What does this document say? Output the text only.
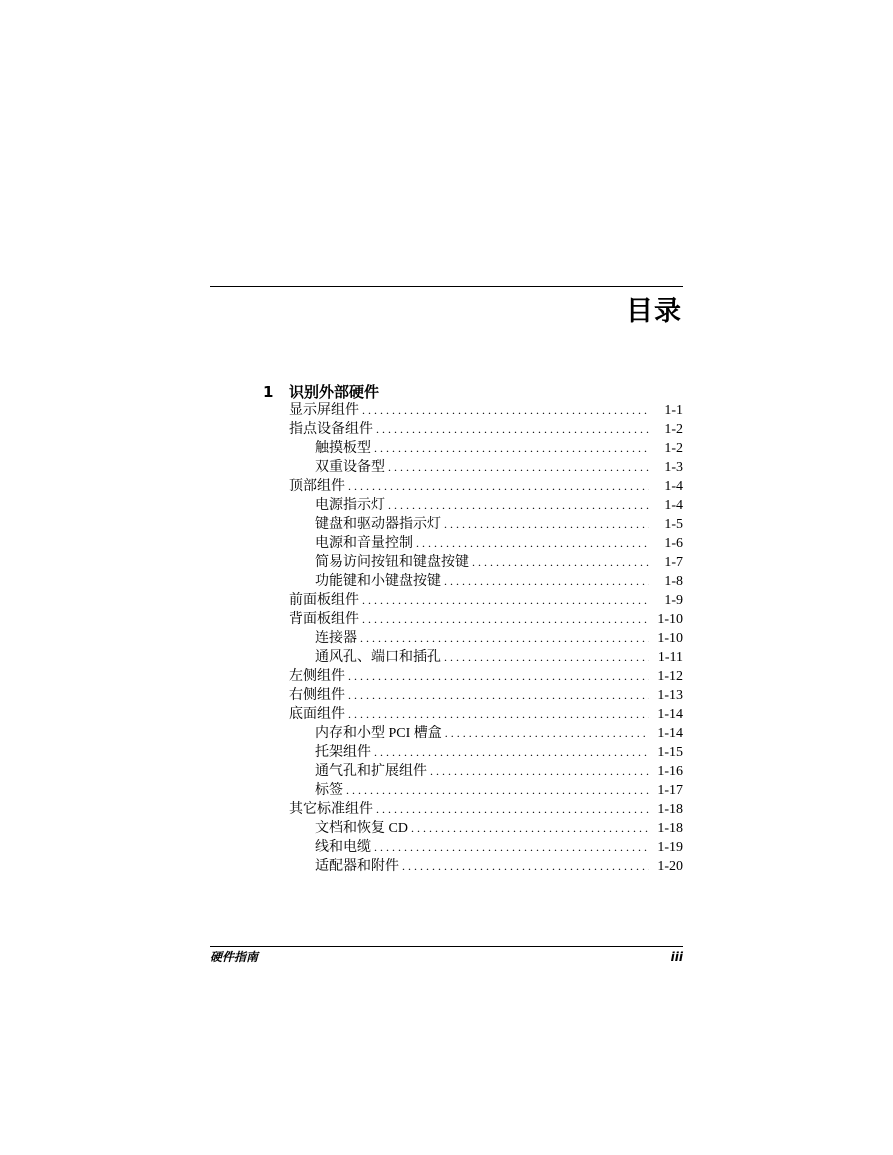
目录
1 识别外部硬件
显示屏组件 . . .	1-1
指点设备组件 . . .	1-2
触摸板型 . . .	1-2
双重设备型 . . .	1-3
顶部组件 . . .	1-4
电源指示灯 . . .	1-4
键盘和驱动器指示灯 . . .	1-5
电源和音量控制 . . .	1-6
简易访问按钮和键盘按键 . . .	1-7
功能键和小键盘按键 . . .	1-8
前面板组件 . . .	1-9
背面板组件 . . .	1-10
连接器 . . .	1-10
通风孔、端口和插孔 . . .	1-11
左侧组件 . . .	1-12
右侧组件 . . .	1-13
底面组件 . . .	1-14
内存和小型 PCI 槽盒 . . .	1-14
托架组件 . . .	1-15
通气孔和扩展组件 . . .	1-16
标签 . . .	1-17
其它标准组件 . . .	1-18
文档和恢复 CD . . .	1-18
线和电缆 . . .	1-19
适配器和附件 . . .	1-20
硬件指南	iii
